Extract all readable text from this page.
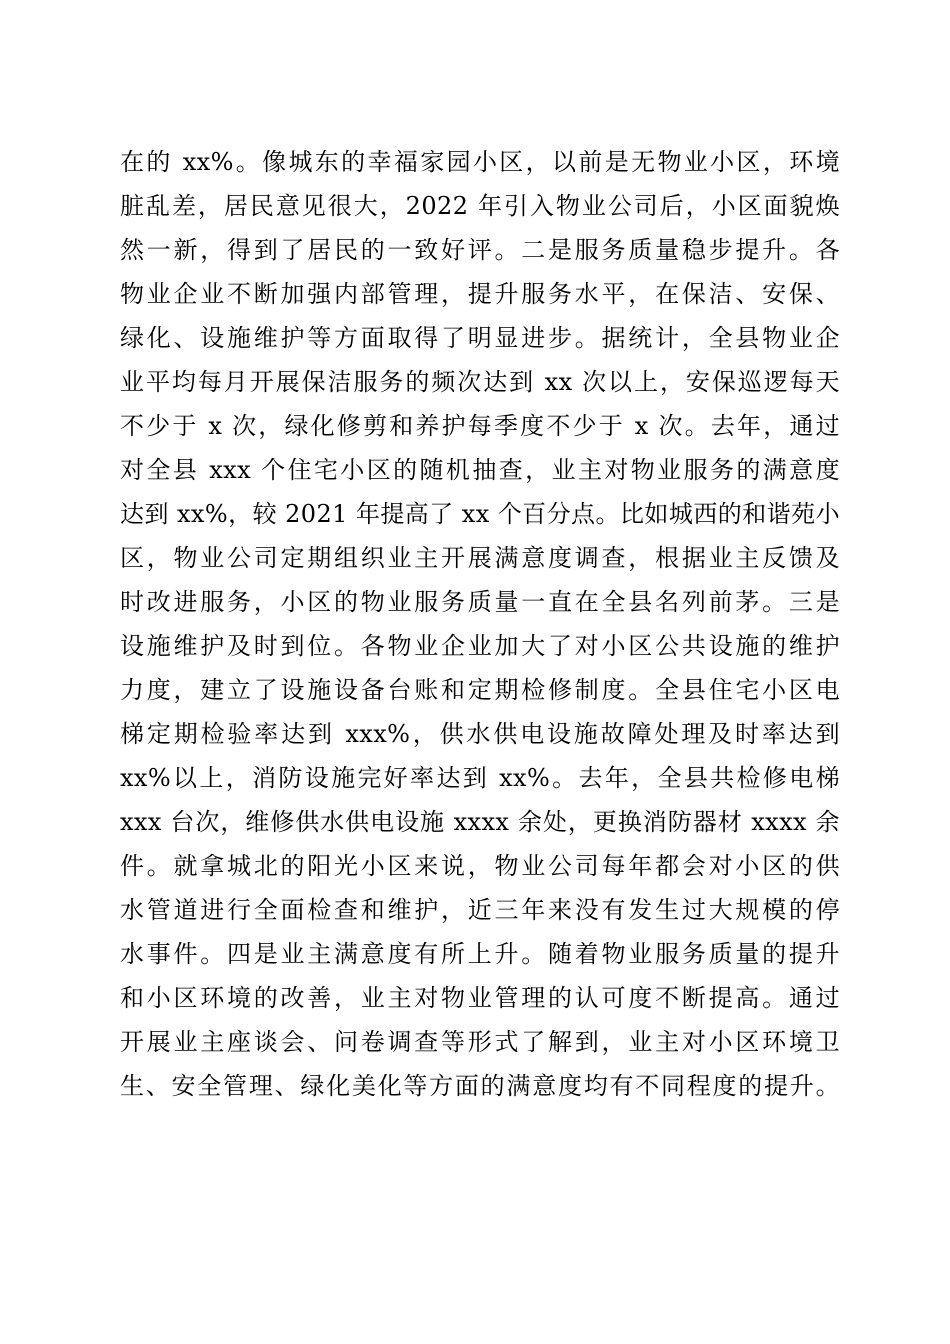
在的 xx%。像城东的幸福家园小区，以前是无物业小区，环境
脏乱差，居民意见很大，2022 年引入物业公司后，小区面貌焕
然一新，得到了居民的一致好评。二是服务质量稳步提升。各
物业企业不断加强内部管理，提升服务水平，在保洁、安保、
绿化、设施维护等方面取得了明显进步。据统计，全县物业企
业平均每月开展保洁服务的频次达到 xx 次以上，安保巡逻每天
不少于 x 次，绿化修剪和养护每季度不少于 x 次。去年，通过
对全县 xxx 个住宅小区的随机抽查，业主对物业服务的满意度
达到 xx%，较 2021 年提高了 xx 个百分点。比如城西的和谐苑小
区，物业公司定期组织业主开展满意度调查，根据业主反馈及
时改进服务，小区的物业服务质量一直在全县名列前茅。三是
设施维护及时到位。各物业企业加大了对小区公共设施的维护
力度，建立了设施设备台账和定期检修制度。全县住宅小区电
梯定期检验率达到 xxx%，供水供电设施故障处理及时率达到
xx%以上，消防设施完好率达到 xx%。去年，全县共检修电梯
xxx 台次，维修供水供电设施 xxxx 余处，更换消防器材 xxxx 余
件。就拿城北的阳光小区来说，物业公司每年都会对小区的供
水管道进行全面检查和维护，近三年来没有发生过大规模的停
水事件。四是业主满意度有所上升。随着物业服务质量的提升
和小区环境的改善，业主对物业管理的认可度不断提高。通过
开展业主座谈会、问卷调查等形式了解到，业主对小区环境卫
生、安全管理、绿化美化等方面的满意度均有不同程度的提升。
